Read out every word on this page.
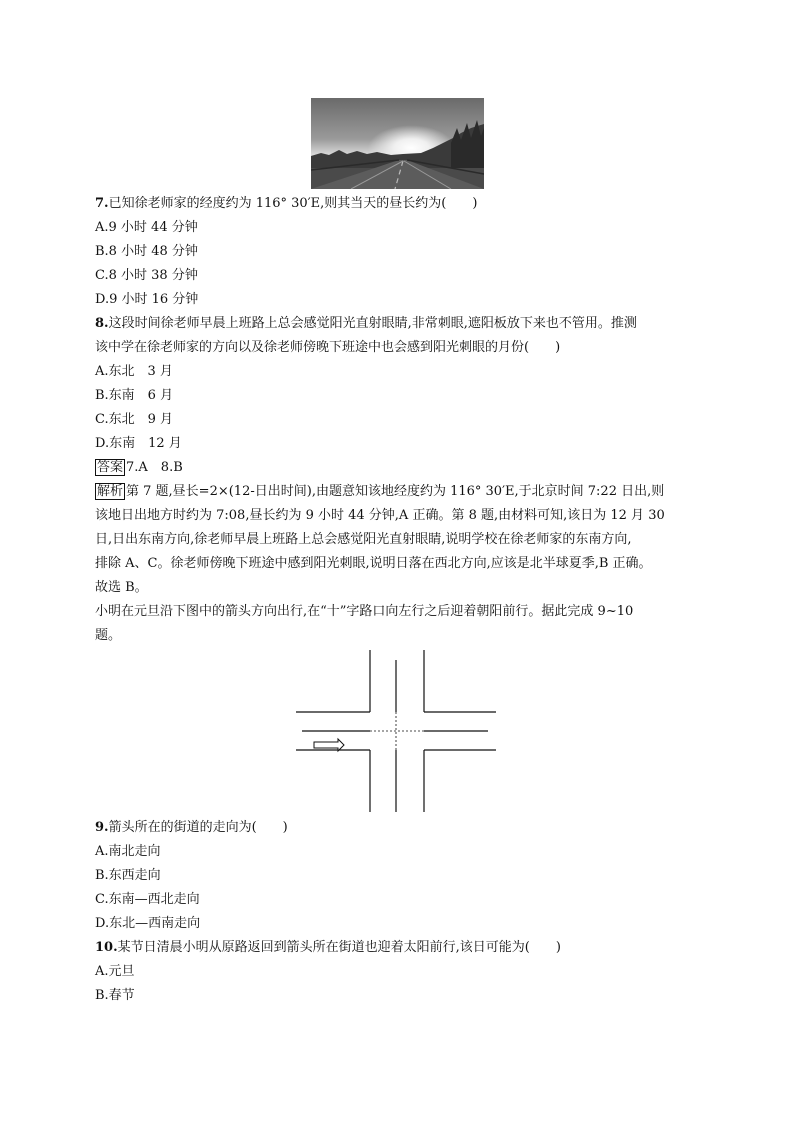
7.已知徐老师家的经度约为 116° 30′E,则其当天的昼长约为(　　)
A.9 小时 44 分钟
B.8 小时 48 分钟
C.8 小时 38 分钟
D.9 小时 16 分钟
8.这段时间徐老师早晨上班路上总会感觉阳光直射眼睛,非常刺眼,遮阳板放下来也不管用。推测
该中学在徐老师家的方向以及徐老师傍晚下班途中也会感到阳光刺眼的月份(　　)
A.东北　3 月
B.东南　6 月
C.东北　9 月
D.东南　12 月
答案 7.A　8.B
解析 第 7 题,昼长=2×(12-日出时间),由题意知该地经度约为 116° 30′E,于北京时间 7:22 日出,则
该地日出地方时约为 7:08,昼长约为 9 小时 44 分钟,A 正确。第 8 题,由材料可知,该日为 12 月 30
日,日出东南方向,徐老师早晨上班路上总会感觉阳光直射眼睛,说明学校在徐老师家的东南方向,
排除 A、C。徐老师傍晚下班途中感到阳光刺眼,说明日落在西北方向,应该是北半球夏季,B 正确。
故选 B。
小明在元旦沿下图中的箭头方向出行,在“十”字路口向左行之后迎着朝阳前行。据此完成 9~10
题。
9.箭头所在的街道的走向为(　　)
A.南北走向
B.东西走向
C.东南—西北走向
D.东北—西南走向
10.某节日清晨小明从原路返回到箭头所在街道也迎着太阳前行,该日可能为(　　)
A.元旦
B.春节
